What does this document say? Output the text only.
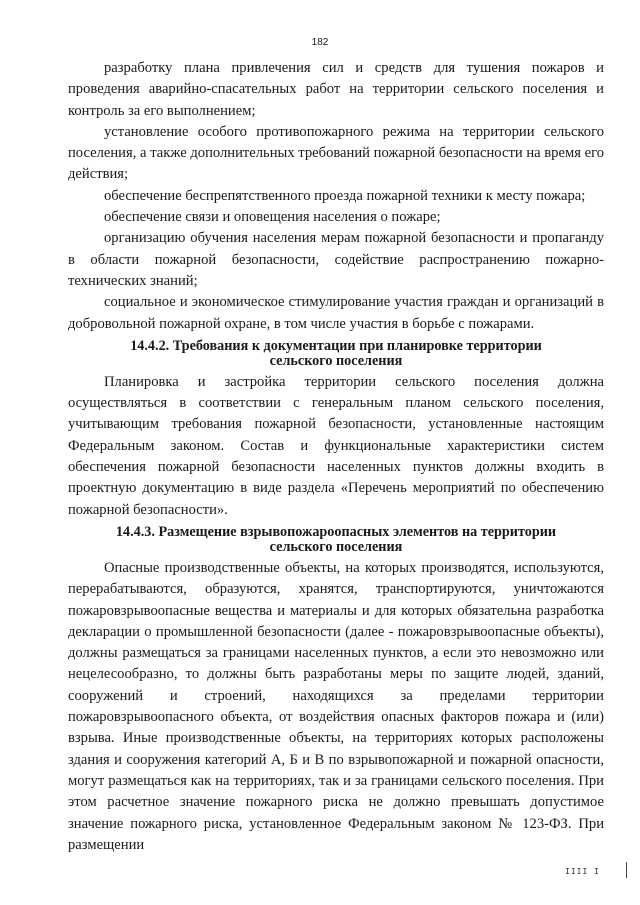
182

разработку плана привлечения сил и средств для тушения пожаров и проведения аварийно-спасательных работ на территории сельского поселения и контроль за его выполнением;

установление особого противопожарного режима на территории сельского поселения, а также дополнительных требований пожарной безопасности на время его действия;

обеспечение беспрепятственного проезда пожарной техники к месту пожара;

обеспечение связи и оповещения населения о пожаре;

организацию обучения населения мерам пожарной безопасности и пропаганду в области пожарной безопасности, содействие распространению пожарно-технических знаний;

социальное и экономическое стимулирование участия граждан и организаций в добровольной пожарной охране, в том числе участия в борьбе с пожарами.

14.4.2. Требования к документации при планировке территории
сельского поселения

Планировка и застройка территории сельского поселения должна осуществляться в соответствии с генеральным планом сельского поселения, учитывающим требования пожарной безопасности, установленные настоящим Федеральным законом. Состав и функциональные характеристики систем обеспечения пожарной безопасности населенных пунктов должны входить в проектную документацию в виде раздела «Перечень мероприятий по обеспечению пожарной безопасности».

14.4.3. Размещение взрывопожароопасных элементов на территории
сельского поселения

Опасные производственные объекты, на которых производятся, используются, перерабатываются, образуются, хранятся, транспортируются, уничтожаются пожаровзрывоопасные вещества и материалы и для которых обязательна разработка декларации о промышленной безопасности (далее - пожаровзрывоопасные объекты), должны размещаться за границами населенных пунктов, а если это невозможно или нецелесообразно, то должны быть разработаны меры по защите людей, зданий, сооружений и строений, находящихся за пределами территории пожаровзрывоопасного объекта, от воздействия опасных факторов пожара и (или) взрыва. Иные производственные объекты, на территориях которых расположены здания и сооружения категорий А, Б и В по взрывопожарной и пожарной опасности, могут размещаться как на территориях, так и за границами сельского поселения. При этом расчетное значение пожарного риска не должно превышать допустимое значение пожарного риска, установленное Федеральным законом № 123-ФЗ. При размещении

IIII I
